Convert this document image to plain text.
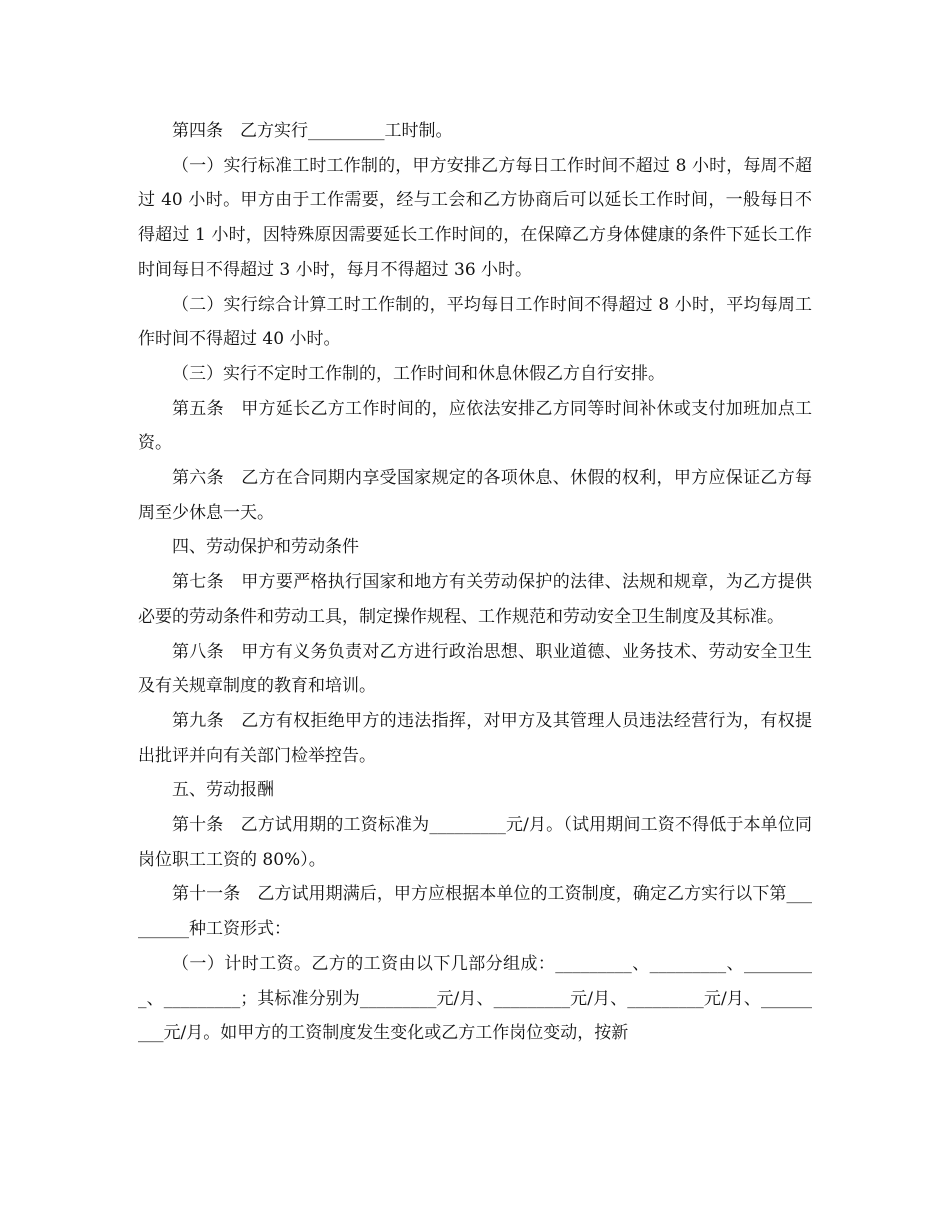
第四条　乙方实行_________工时制。

（一）实行标准工时工作制的，甲方安排乙方每日工作时间不超过 8 小时，每周不超过 40 小时。甲方由于工作需要，经与工会和乙方协商后可以延长工作时间，一般每日不得超过 1 小时，因特殊原因需要延长工作时间的，在保障乙方身体健康的条件下延长工作时间每日不得超过 3 小时，每月不得超过 36 小时。

（二）实行综合计算工时工作制的，平均每日工作时间不得超过 8 小时，平均每周工作时间不得超过 40 小时。

（三）实行不定时工作制的，工作时间和休息休假乙方自行安排。

第五条　甲方延长乙方工作时间的，应依法安排乙方同等时间补休或支付加班加点工资。

第六条　乙方在合同期内享受国家规定的各项休息、休假的权利，甲方应保证乙方每周至少休息一天。

四、劳动保护和劳动条件

第七条　甲方要严格执行国家和地方有关劳动保护的法律、法规和规章，为乙方提供必要的劳动条件和劳动工具，制定操作规程、工作规范和劳动安全卫生制度及其标准。

第八条　甲方有义务负责对乙方进行政治思想、职业道德、业务技术、劳动安全卫生及有关规章制度的教育和培训。

第九条　乙方有权拒绝甲方的违法指挥，对甲方及其管理人员违法经营行为，有权提出批评并向有关部门检举控告。

五、劳动报酬

第十条　乙方试用期的工资标准为_________元/月。（试用期间工资不得低于本单位同岗位职工工资的 80%）。

第十一条　乙方试用期满后，甲方应根据本单位的工资制度，确定乙方实行以下第_________种工资形式：

（一）计时工资。乙方的工资由以下几部分组成：_________、_________、_________、_________；其标准分别为_________元/月、_________元/月、_________元/月、_________元/月。如甲方的工资制度发生变化或乙方工作岗位变动，按新
